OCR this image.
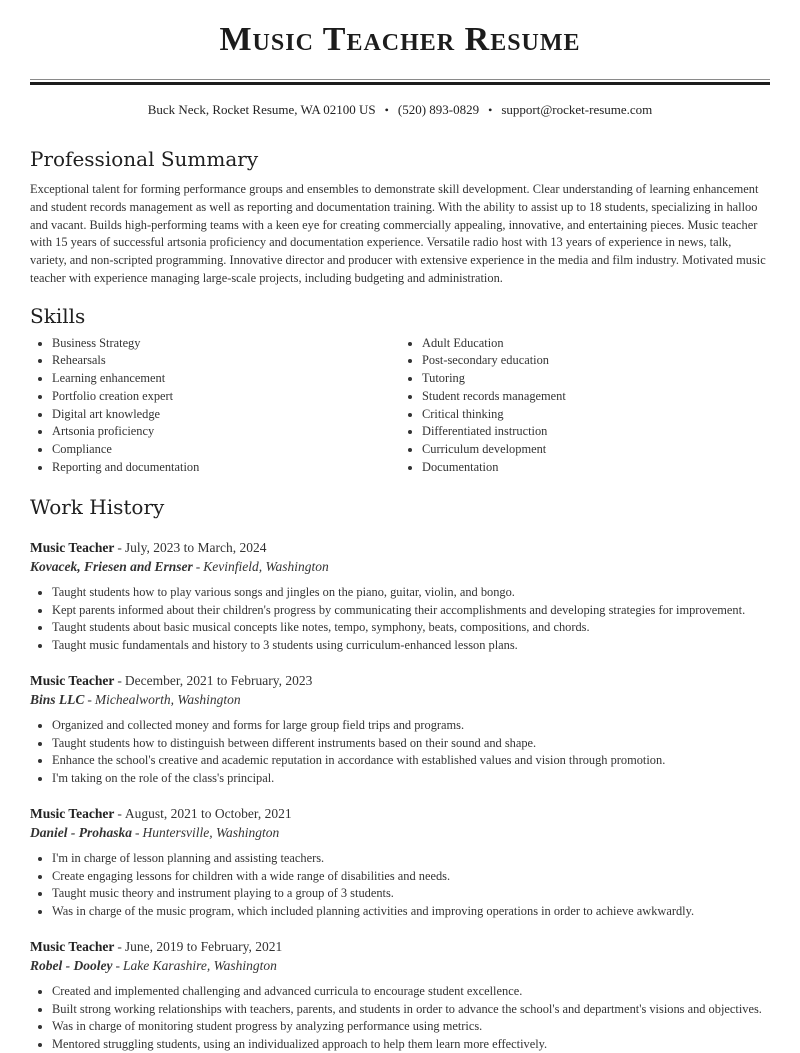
Music Teacher Resume
Buck Neck, Rocket Resume, WA 02100 US • (520) 893-0829 • support@rocket-resume.com
Professional Summary

Exceptional talent for forming performance groups and ensembles to demonstrate skill development. Clear understanding of learning enhancement and student records management as well as reporting and documentation training. With the ability to assist up to 18 students, specializing in halloo and vacant. Builds high-performing teams with a keen eye for creating commercially appealing, innovative, and entertaining pieces. Music teacher with 15 years of successful artsonia proficiency and documentation experience. Versatile radio host with 13 years of experience in news, talk, variety, and non-scripted programming. Innovative director and producer with extensive experience in the media and film industry. Motivated music teacher with experience managing large-scale projects, including budgeting and administration.

Skills
• Business Strategy
• Rehearsals
• Learning enhancement
• Portfolio creation expert
• Digital art knowledge
• Artsonia proficiency
• Compliance
• Reporting and documentation
• Adult Education
• Post-secondary education
• Tutoring
• Student records management
• Critical thinking
• Differentiated instruction
• Curriculum development
• Documentation
Work History
Music Teacher - July, 2023 to March, 2024
Kovacek, Friesen and Ernser - Kevinfield, Washington
• Taught students how to play various songs and jingles on the piano, guitar, violin, and bongo.
• Kept parents informed about their children's progress by communicating their accomplishments and developing strategies for improvement.
• Taught students about basic musical concepts like notes, tempo, symphony, beats, compositions, and chords.
• Taught music fundamentals and history to 3 students using curriculum-enhanced lesson plans.
Music Teacher - December, 2021 to February, 2023
Bins LLC - Michealworth, Washington
• Organized and collected money and forms for large group field trips and programs.
• Taught students how to distinguish between different instruments based on their sound and shape.
• Enhance the school's creative and academic reputation in accordance with established values and vision through promotion.
• I'm taking on the role of the class's principal.
Music Teacher - August, 2021 to October, 2021
Daniel - Prohaska - Huntersville, Washington
• I'm in charge of lesson planning and assisting teachers.
• Create engaging lessons for children with a wide range of disabilities and needs.
• Taught music theory and instrument playing to a group of 3 students.
• Was in charge of the music program, which included planning activities and improving operations in order to achieve awkwardly.
Music Teacher - June, 2019 to February, 2021
Robel - Dooley - Lake Karashire, Washington
• Created and implemented challenging and advanced curricula to encourage student excellence.
• Built strong working relationships with teachers, parents, and students in order to advance the school's and department's visions and objectives.
• Was in charge of monitoring student progress by analyzing performance using metrics.
• Mentored struggling students, using an individualized approach to help them learn more effectively.
